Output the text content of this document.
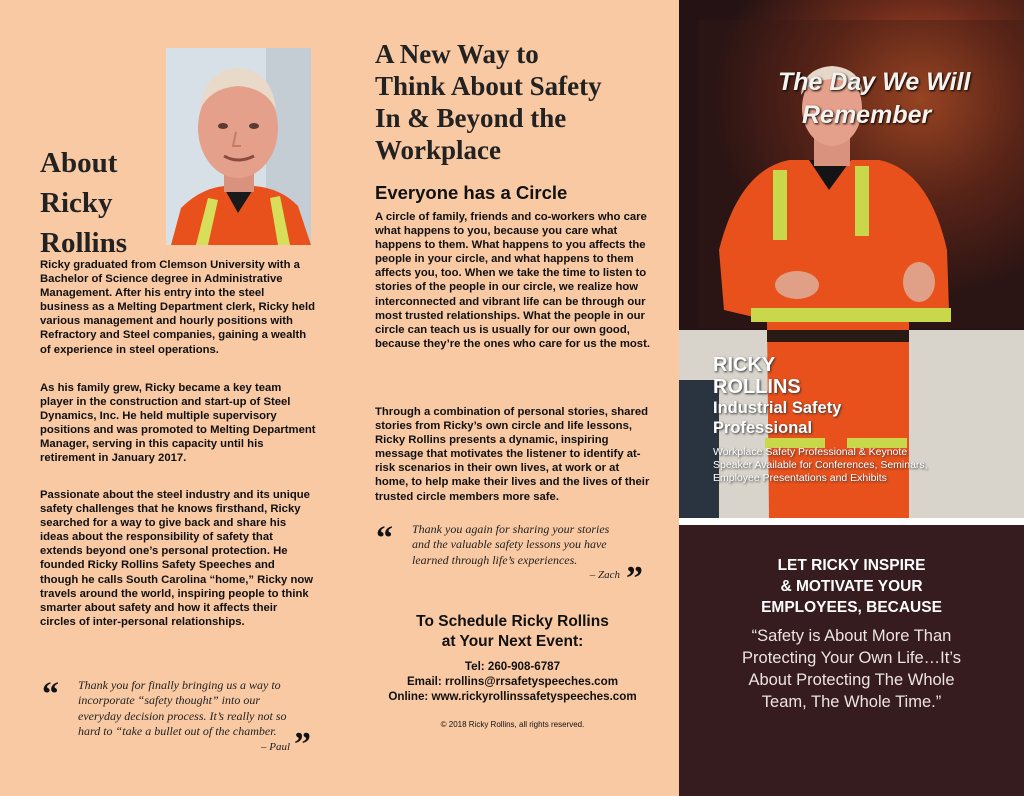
About
Ricky
Rollins

Ricky graduated from Clemson University with a Bachelor of Science degree in Administrative Management. After his entry into the steel business as a Melting Department clerk, Ricky held various management and hourly positions with Refractory and Steel companies, gaining a wealth of experience in steel operations.

As his family grew, Ricky became a key team player in the construction and start-up of Steel Dynamics, Inc. He held multiple supervisory positions and was promoted to Melting Department Manager, serving in this capacity until his retirement in January 2017.

Passionate about the steel industry and its unique safety challenges that he knows firsthand, Ricky searched for a way to give back and share his ideas about the responsibility of safety that extends beyond one’s personal protection. He founded Ricky Rollins Safety Speeches and though he calls South Carolina “home,” Ricky now travels around the world, inspiring people to think smarter about safety and how it affects their circles of inter-personal relationships.

“ Thank you for finally bringing us a way to incorporate “safety thought” into our everyday decision process. It’s really not so hard to “take a bullet out of the chamber.
– Paul ”
A New Way to
Think About Safety
In & Beyond the
Workplace
Everyone has a Circle

A circle of family, friends and co-workers who care what happens to you, because you care what happens to them. What happens to you affects the people in your circle, and what happens to them affects you, too. When we take the time to listen to stories of the people in our circle, we realize how interconnected and vibrant life can be through our most trusted relationships. What the people in our circle can teach us is usually for our own good, because they’re the ones who care for us the most.

Through a combination of personal stories, shared stories from Ricky’s own circle and life lessons, Ricky Rollins presents a dynamic, inspiring message that motivates the listener to identify at-risk scenarios in their own lives, at work or at home, to help make their lives and the lives of their trusted circle members more safe.

“ Thank you again for sharing your stories and the valuable safety lessons you have learned through life’s experiences.
– Zach ”
To Schedule Ricky Rollins
at Your Next Event:
Tel: 260-908-6787
Email: rrollins@rrsafetyspeeches.com
Online: www.rickyrollinssafetyspeeches.com
© 2018 Ricky Rollins, all rights reserved.
The Day We Will
Remember
RICKY
ROLLINS
Industrial Safety
Professional
Workplace Safety Professional & Keynote
Speaker Available for Conferences, Seminars,
Employee Presentations and Exhibits
LET RICKY INSPIRE
& MOTIVATE YOUR
EMPLOYEES, BECAUSE
“Safety is About More Than
Protecting Your Own Life…It’s
About Protecting The Whole
Team, The Whole Time.”
